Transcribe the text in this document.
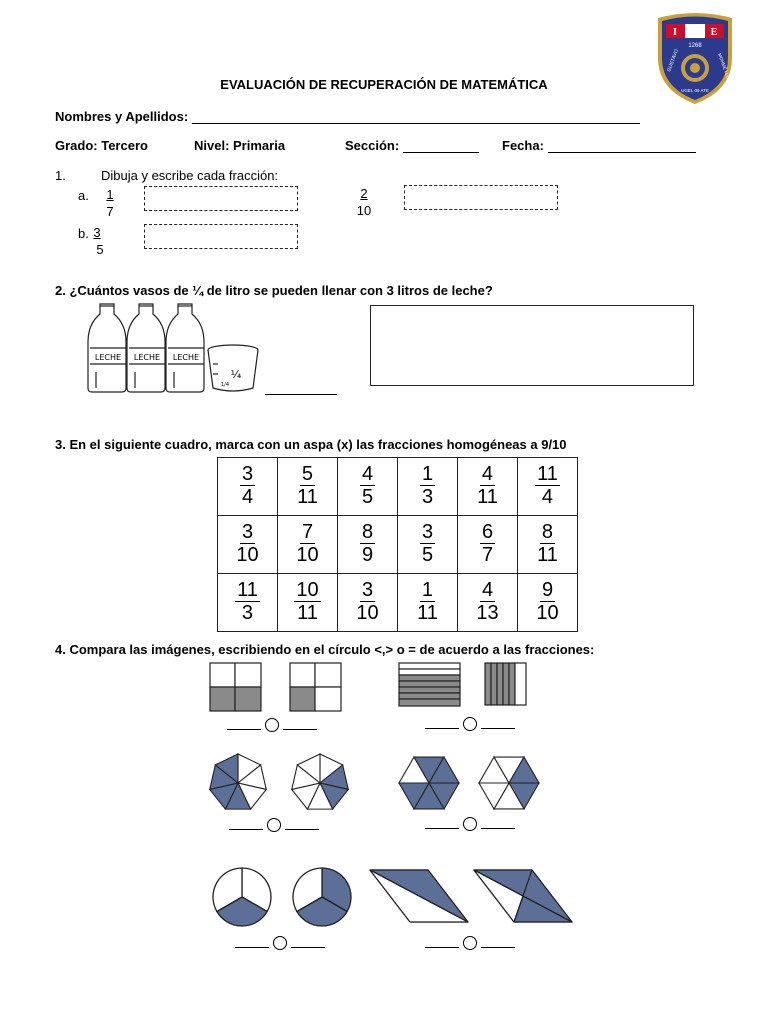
I	E
1268
GUSTAVO	MOHME LLONA
UGEL 06 ATE
EVALUACIÓN DE RECUPERACIÓN DE MATEMÁTICA
Nombres y Apellidos:
Grado: Tercero	Nivel: Primaria	Sección:	Fecha:
1.	Dibuja y escribe cada fracción:
a. $\frac{1}{7}$	$\frac{2}{10}$
b. $\frac{3}{5}$
2. ¿Cuántos vasos de ¼ de litro se pueden llenar con 3 litros de leche?
LECHE LECHE LECHE
¼
1/4
3. En el siguiente cuadro, marca con un aspa (x) las fracciones homogéneas a 9/10
$\frac{3}{4}$	$\frac{5}{11}$	$\frac{4}{5}$	$\frac{1}{3}$	$\frac{4}{11}$	$\frac{11}{4}$

$\frac{3}{10}$	$\frac{7}{10}$	$\frac{8}{9}$	$\frac{3}{5}$	$\frac{6}{7}$	$\frac{8}{11}$

$\frac{11}{3}$	$\frac{10}{11}$	$\frac{3}{10}$	$\frac{1}{11}$	$\frac{4}{13}$	$\frac{9}{10}$
4. Compara las imágenes, escribiendo en el círculo <,> o = de acuerdo a las fracciones:
